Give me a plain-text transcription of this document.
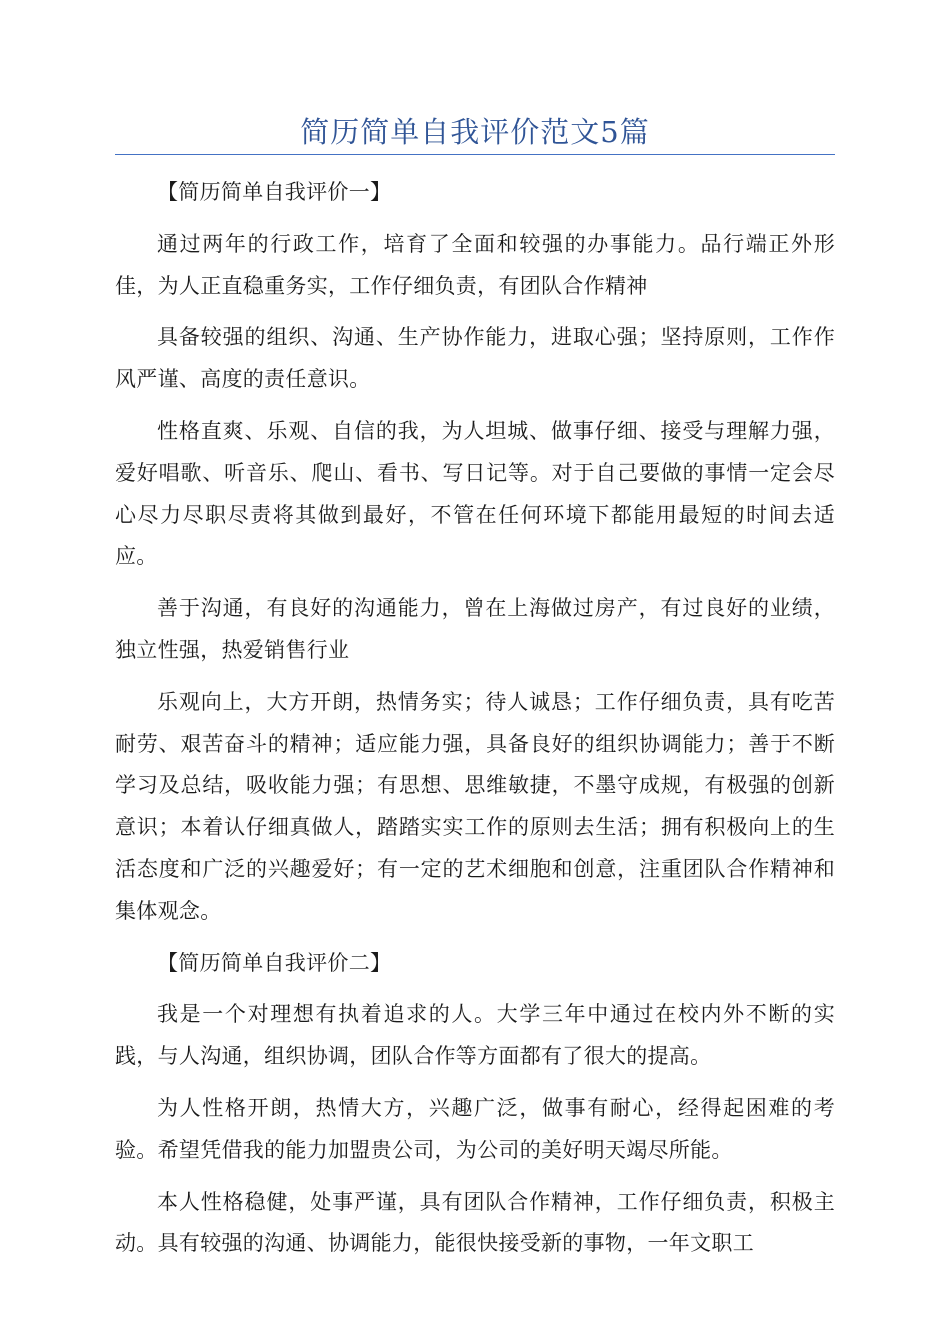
简历简单自我评价范文5篇

【简历简单自我评价一】

通过两年的行政工作，培育了全面和较强的办事能力。品行端正外形佳，为人正直稳重务实，工作仔细负责，有团队合作精神

具备较强的组织、沟通、生产协作能力，进取心强；坚持原则，工作作风严谨、高度的责任意识。

性格直爽、乐观、自信的我，为人坦城、做事仔细、接受与理解力强，爱好唱歌、听音乐、爬山、看书、写日记等。对于自己要做的事情一定会尽心尽力尽职尽责将其做到最好，不管在任何环境下都能用最短的时间去适应。

善于沟通，有良好的沟通能力，曾在上海做过房产，有过良好的业绩，独立性强，热爱销售行业

乐观向上，大方开朗，热情务实；待人诚恳；工作仔细负责，具有吃苦耐劳、艰苦奋斗的精神；适应能力强，具备良好的组织协调能力；善于不断学习及总结，吸收能力强；有思想、思维敏捷，不墨守成规，有极强的创新意识；本着认仔细真做人，踏踏实实工作的原则去生活；拥有积极向上的生活态度和广泛的兴趣爱好；有一定的艺术细胞和创意，注重团队合作精神和集体观念。

【简历简单自我评价二】

我是一个对理想有执着追求的人。大学三年中通过在校内外不断的实践，与人沟通，组织协调，团队合作等方面都有了很大的提高。

为人性格开朗，热情大方，兴趣广泛，做事有耐心，经得起困难的考验。希望凭借我的能力加盟贵公司，为公司的美好明天竭尽所能。

本人性格稳健，处事严谨，具有团队合作精神，工作仔细负责，积极主动。具有较强的沟通、协调能力，能很快接受新的事物，一年文职工
